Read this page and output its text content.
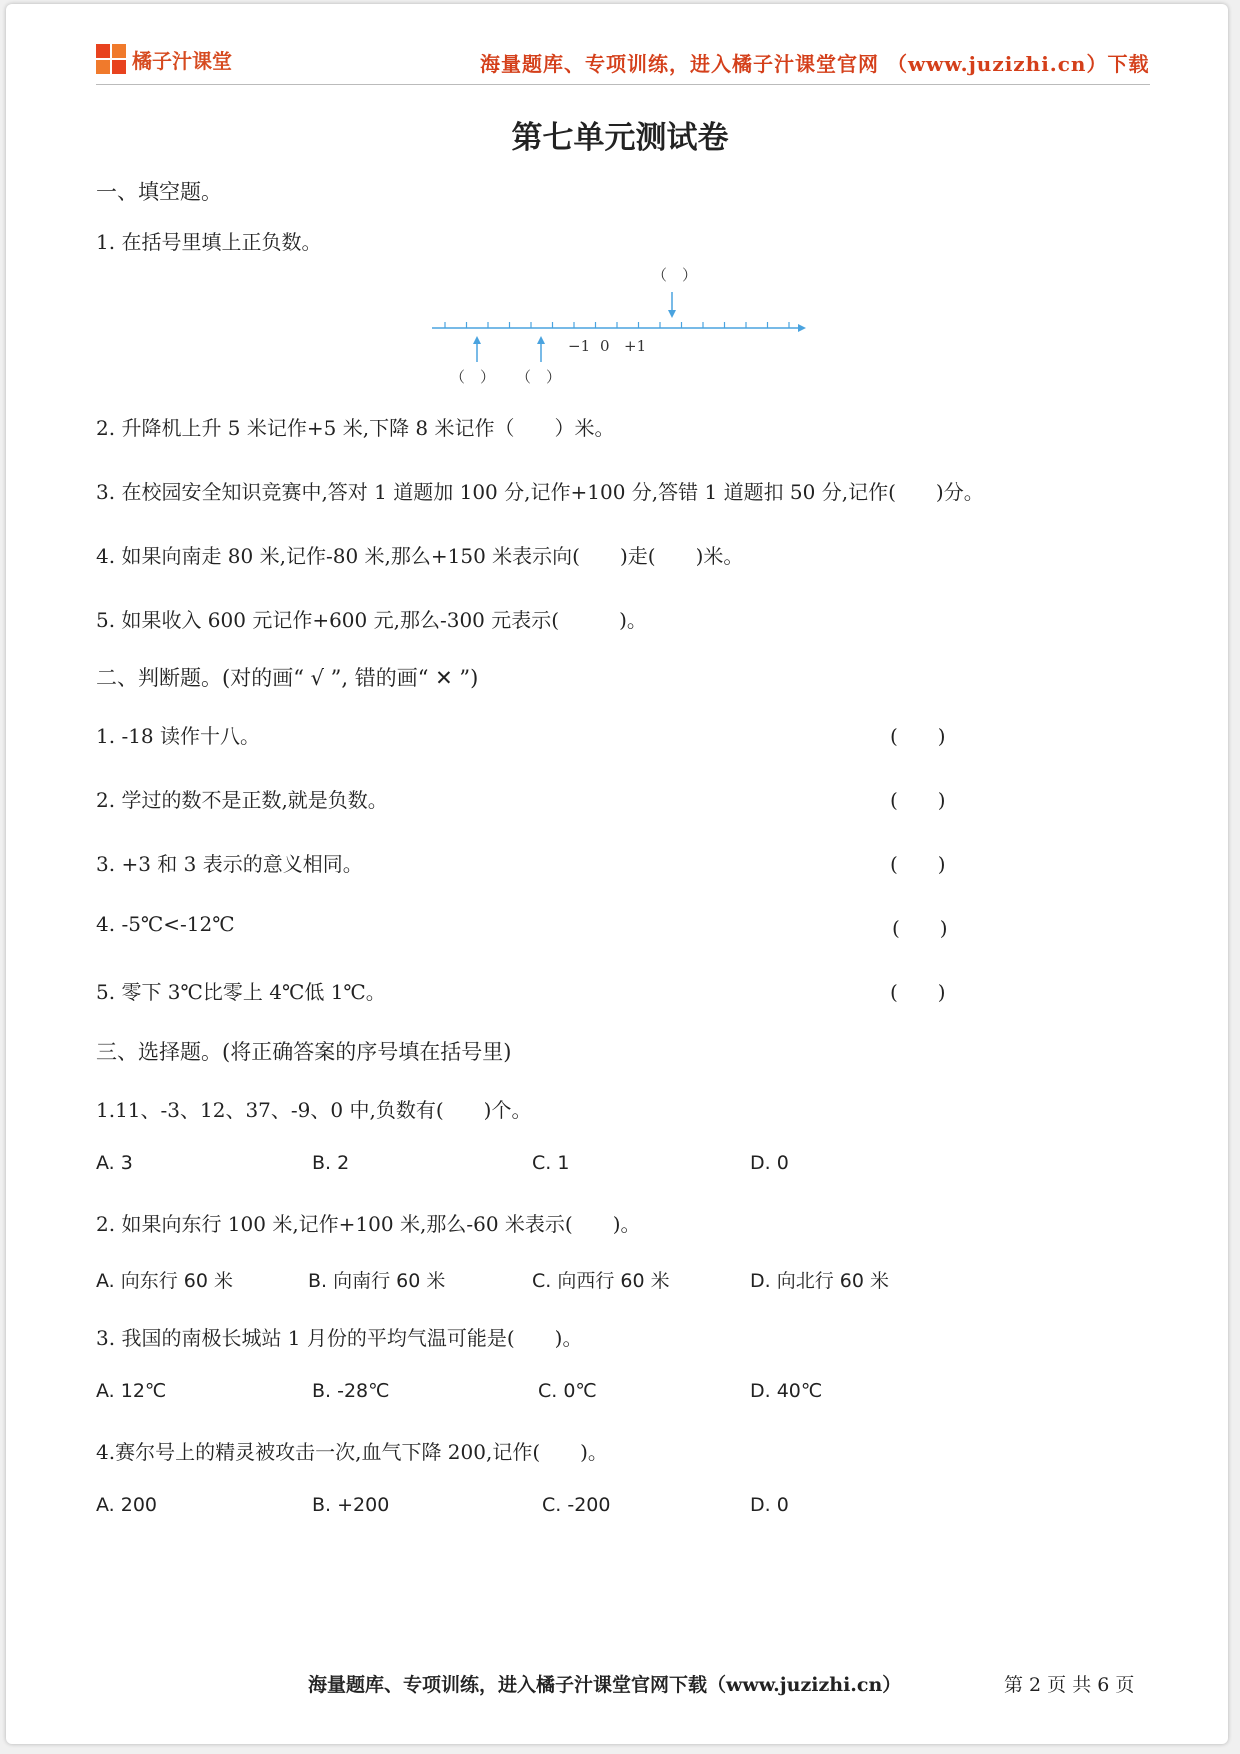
橘子汁课堂	海量题库、专项训练，进入橘子汁课堂官网 （www.juzizhi.cn）下载
第七单元测试卷
一、填空题。
1. 在括号里填上正负数。
（　）
−1 0 +1
（　） （　）
2. 升降机上升 5 米记作+5 米,下降 8 米记作（　　）米。
3. 在校园安全知识竞赛中,答对 1 道题加 100 分,记作+100 分,答错 1 道题扣 50 分,记作(　　)分。
4. 如果向南走 80 米,记作-80 米,那么+150 米表示向(　　)走(　　)米。
5. 如果收入 600 元记作+600 元,那么-300 元表示(　　　)。
二、判断题。(对的画“ √ ”, 错的画“ ✕ ”)
1. -18 读作十八。	(　　)
2. 学过的数不是正数,就是负数。	(　　)
3. +3 和 3 表示的意义相同。	(　　)
4. -5℃<-12℃	(　　)
5. 零下 3℃比零上 4℃低 1℃。	(　　)
三、选择题。(将正确答案的序号填在括号里)
1.11、-3、12、37、-9、0 中,负数有(　　)个。
A. 3	B. 2	C. 1	D. 0
2. 如果向东行 100 米,记作+100 米,那么-60 米表示(　　)。
A. 向东行 60 米	B. 向南行 60 米	C. 向西行 60 米	D. 向北行 60 米
3. 我国的南极长城站 1 月份的平均气温可能是(　　)。
A. 12℃	B. -28℃	C. 0℃	D. 40℃
4.赛尔号上的精灵被攻击一次,血气下降 200,记作(　　)。
A. 200	B. +200	C. -200	D. 0
海量题库、专项训练，进入橘子汁课堂官网下载（www.juzizhi.cn）	第 2 页 共 6 页
